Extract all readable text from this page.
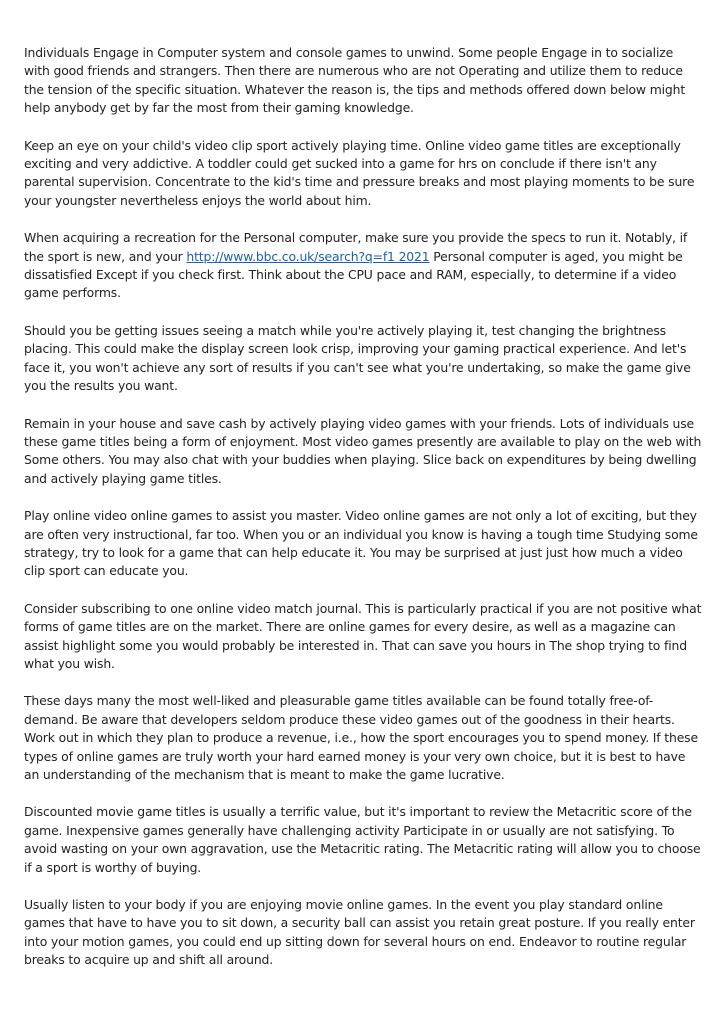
Individuals Engage in Computer system and console games to unwind. Some people Engage in to socialize with good friends and strangers. Then there are numerous who are not Operating and utilize them to reduce the tension of the specific situation. Whatever the reason is, the tips and methods offered down below might help anybody get by far the most from their gaming knowledge.

Keep an eye on your child's video clip sport actively playing time. Online video game titles are exceptionally exciting and very addictive. A toddler could get sucked into a game for hrs on conclude if there isn't any parental supervision. Concentrate to the kid's time and pressure breaks and most playing moments to be sure your youngster nevertheless enjoys the world about him.

When acquiring a recreation for the Personal computer, make sure you provide the specs to run it. Notably, if the sport is new, and your http://www.bbc.co.uk/search?q=f1 2021 Personal computer is aged, you might be dissatisfied Except if you check first. Think about the CPU pace and RAM, especially, to determine if a video game performs.

Should you be getting issues seeing a match while you're actively playing it, test changing the brightness placing. This could make the display screen look crisp, improving your gaming practical experience. And let's face it, you won't achieve any sort of results if you can't see what you're undertaking, so make the game give you the results you want.

Remain in your house and save cash by actively playing video games with your friends. Lots of individuals use these game titles being a form of enjoyment. Most video games presently are available to play on the web with Some others. You may also chat with your buddies when playing. Slice back on expenditures by being dwelling and actively playing game titles.

Play online video online games to assist you master. Video online games are not only a lot of exciting, but they are often very instructional, far too. When you or an individual you know is having a tough time Studying some strategy, try to look for a game that can help educate it. You may be surprised at just just how much a video clip sport can educate you.

Consider subscribing to one online video match journal. This is particularly practical if you are not positive what forms of game titles are on the market. There are online games for every desire, as well as a magazine can assist highlight some you would probably be interested in. That can save you hours in The shop trying to find what you wish.

These days many the most well-liked and pleasurable game titles available can be found totally free-of-demand. Be aware that developers seldom produce these video games out of the goodness in their hearts. Work out in which they plan to produce a revenue, i.e., how the sport encourages you to spend money. If these types of online games are truly worth your hard earned money is your very own choice, but it is best to have an understanding of the mechanism that is meant to make the game lucrative.

Discounted movie game titles is usually a terrific value, but it's important to review the Metacritic score of the game. Inexpensive games generally have challenging activity Participate in or usually are not satisfying. To avoid wasting on your own aggravation, use the Metacritic rating. The Metacritic rating will allow you to choose if a sport is worthy of buying.

Usually listen to your body if you are enjoying movie online games. In the event you play standard online games that have to have you to sit down, a security ball can assist you retain great posture. If you really enter into your motion games, you could end up sitting down for several hours on end. Endeavor to routine regular breaks to acquire up and shift all around.
